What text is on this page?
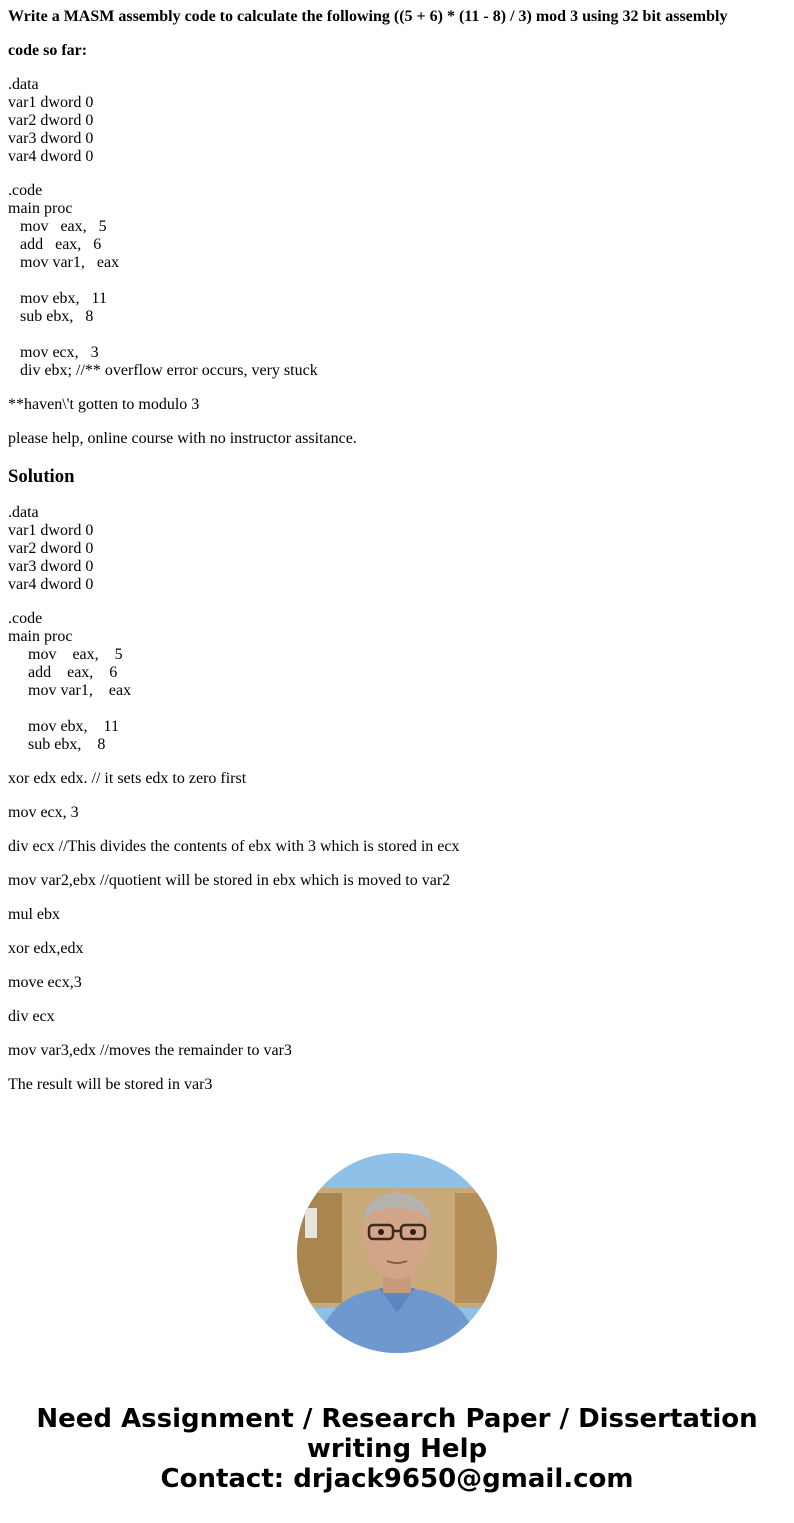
Write a MASM assembly code to calculate the following ((5 + 6) * (11 - 8) / 3) mod 3 using 32 bit assembly

code so far:

.data
var1 dword 0
var2 dword 0
var3 dword 0
var4 dword 0
.code
main proc
mov   eax,   5
add   eax,   6
mov var1,   eax

mov ebx,   11
sub ebx,   8

mov ecx,   3
div ebx; //** overflow error occurs, very stuck

**haven\'t gotten to modulo 3

please help, online course with no instructor assitance.

Solution
.data
var1 dword 0
var2 dword 0
var3 dword 0
var4 dword 0
.code
main proc
mov    eax,    5
add    eax,    6
mov var1,    eax

mov ebx,    11
sub ebx,    8

xor edx edx. // it sets edx to zero first

mov ecx, 3

div ecx //This divides the contents of ebx with 3 which is stored in ecx

mov var2,ebx //quotient will be stored in ebx which is moved to var2

mul ebx

xor edx,edx

move ecx,3

div ecx

mov var3,edx //moves the remainder to var3

The result will be stored in var3

Need Assignment / Research Paper / Dissertation
writing Help
Contact: drjack9650@gmail.com
